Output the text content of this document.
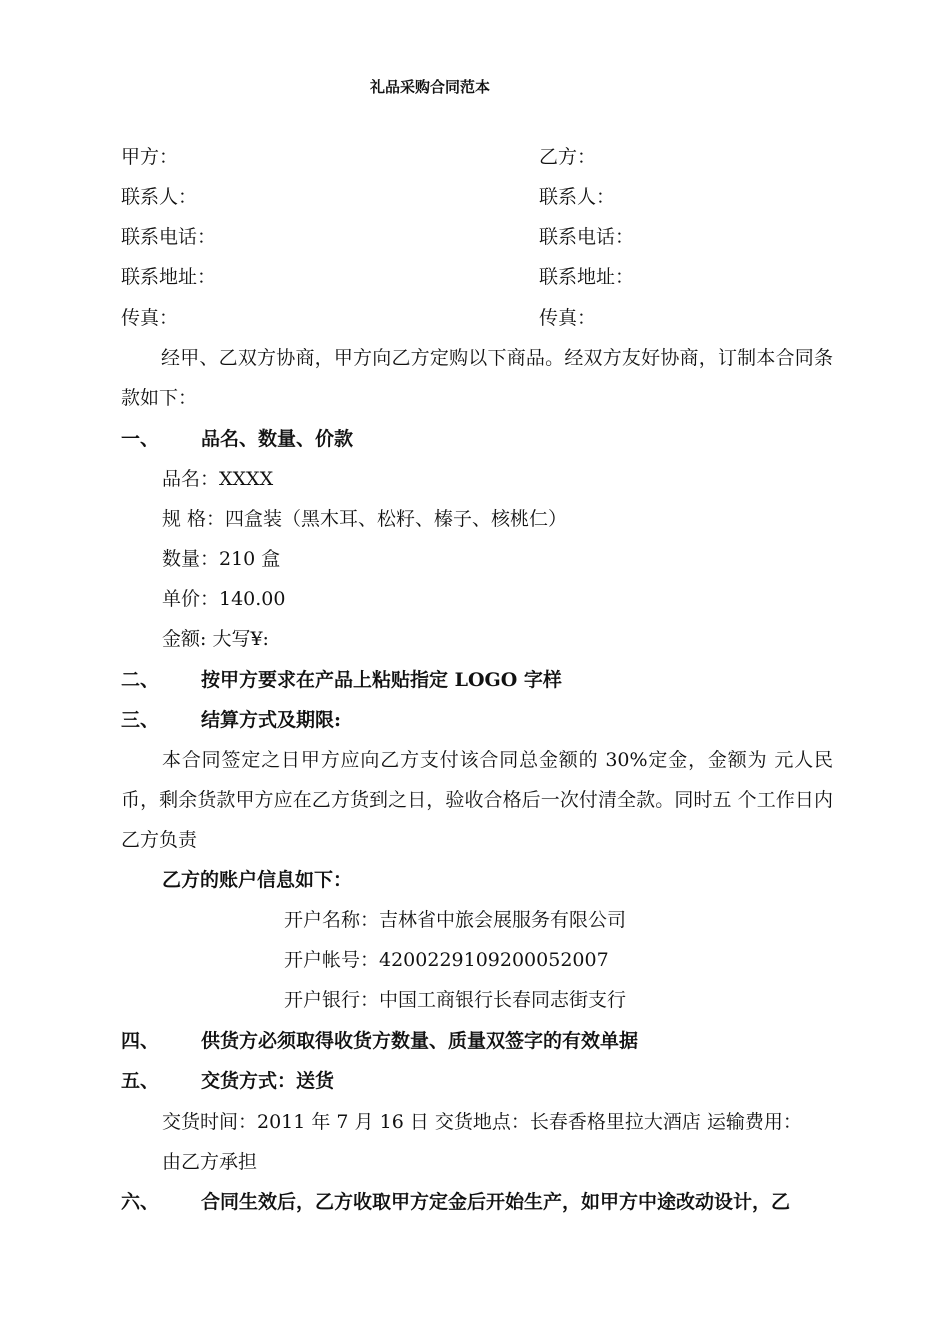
礼品采购合同范本
甲方：	乙方：
联系人：	联系人：
联系电话：	联系电话：
联系地址：	联系地址：
传真：	传真：
经甲、乙双方协商，甲方向乙方定购以下商品。经双方友好协商，订制本合同条款如下：
一、 品名、数量、价款
品名：XXXX
规 格：四盒装（黑木耳、松籽、榛子、核桃仁）
数量：210 盒
单价：140.00
金额: 大写¥:
二、 按甲方要求在产品上粘贴指定 LOGO 字样
三、 结算方式及期限:
本合同签定之日甲方应向乙方支付该合同总金额的 30%定金，金额为 元人民币，剩余货款甲方应在乙方货到之日，验收合格后一次付清全款。同时五 个工作日内乙方负责
乙方的账户信息如下：
开户名称：吉林省中旅会展服务有限公司
开户帐号：4200229109200052007
开户银行：中国工商银行长春同志街支行
四、 供货方必须取得收货方数量、质量双签字的有效单据
五、 交货方式：送货
交货时间：2011 年 7 月 16 日 交货地点：长春香格里拉大酒店 运输费用：
由乙方承担
六、 合同生效后，乙方收取甲方定金后开始生产，如甲方中途改动设计，乙
